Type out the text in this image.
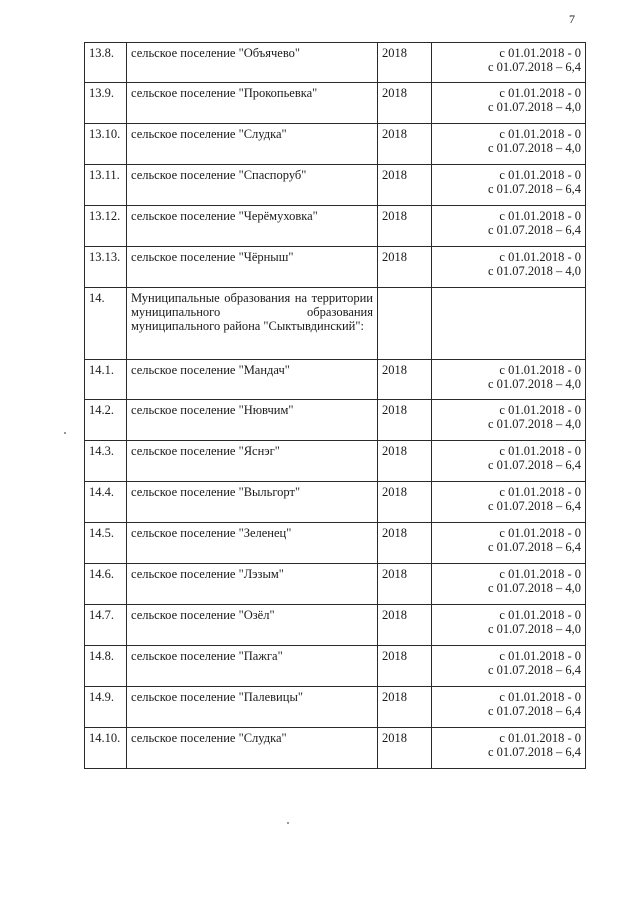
7
13.8.	сельское поселение "Объячево"	2018	с 01.01.2018 - 0
с 01.07.2018 – 6,4

13.9.	сельское поселение "Прокопьевка"	2018	с 01.01.2018 - 0
с 01.07.2018 – 4,0

13.10.	сельское поселение "Слудка"	2018	с 01.01.2018 - 0
с 01.07.2018 – 4,0

13.11.	сельское поселение "Спаспоруб"	2018	с 01.01.2018 - 0
с 01.07.2018 – 6,4

13.12.	сельское поселение "Черёмуховка"	2018	с 01.01.2018 - 0
с 01.07.2018 – 6,4

13.13.	сельское поселение "Чёрныш"	2018	с 01.01.2018 - 0
с 01.07.2018 – 4,0

14.	Муниципальные образования на территории муниципального образования муниципального района "Сыктывдинский":		
14.1.	сельское поселение "Мандач"	2018	с 01.01.2018 - 0
с 01.07.2018 – 4,0

14.2.	сельское поселение "Нювчим"	2018	с 01.01.2018 - 0
с 01.07.2018 – 4,0

14.3.	сельское поселение "Яснэг"	2018	с 01.01.2018 - 0
с 01.07.2018 – 6,4

14.4.	сельское поселение "Выльгорт"	2018	с 01.01.2018 - 0
с 01.07.2018 – 6,4

14.5.	сельское поселение "Зеленец"	2018	с 01.01.2018 - 0
с 01.07.2018 – 6,4

14.6.	сельское поселение "Лэзым"	2018	с 01.01.2018 - 0
с 01.07.2018 – 4,0

14.7.	сельское поселение "Озёл"	2018	с 01.01.2018 - 0
с 01.07.2018 – 4,0

14.8.	сельское поселение "Пажга"	2018	с 01.01.2018 - 0
с 01.07.2018 – 6,4

14.9.	сельское поселение "Палевицы"	2018	с 01.01.2018 - 0
с 01.07.2018 – 6,4

14.10.	сельское поселение "Слудка"	2018	с 01.01.2018 - 0
с 01.07.2018 – 6,4
